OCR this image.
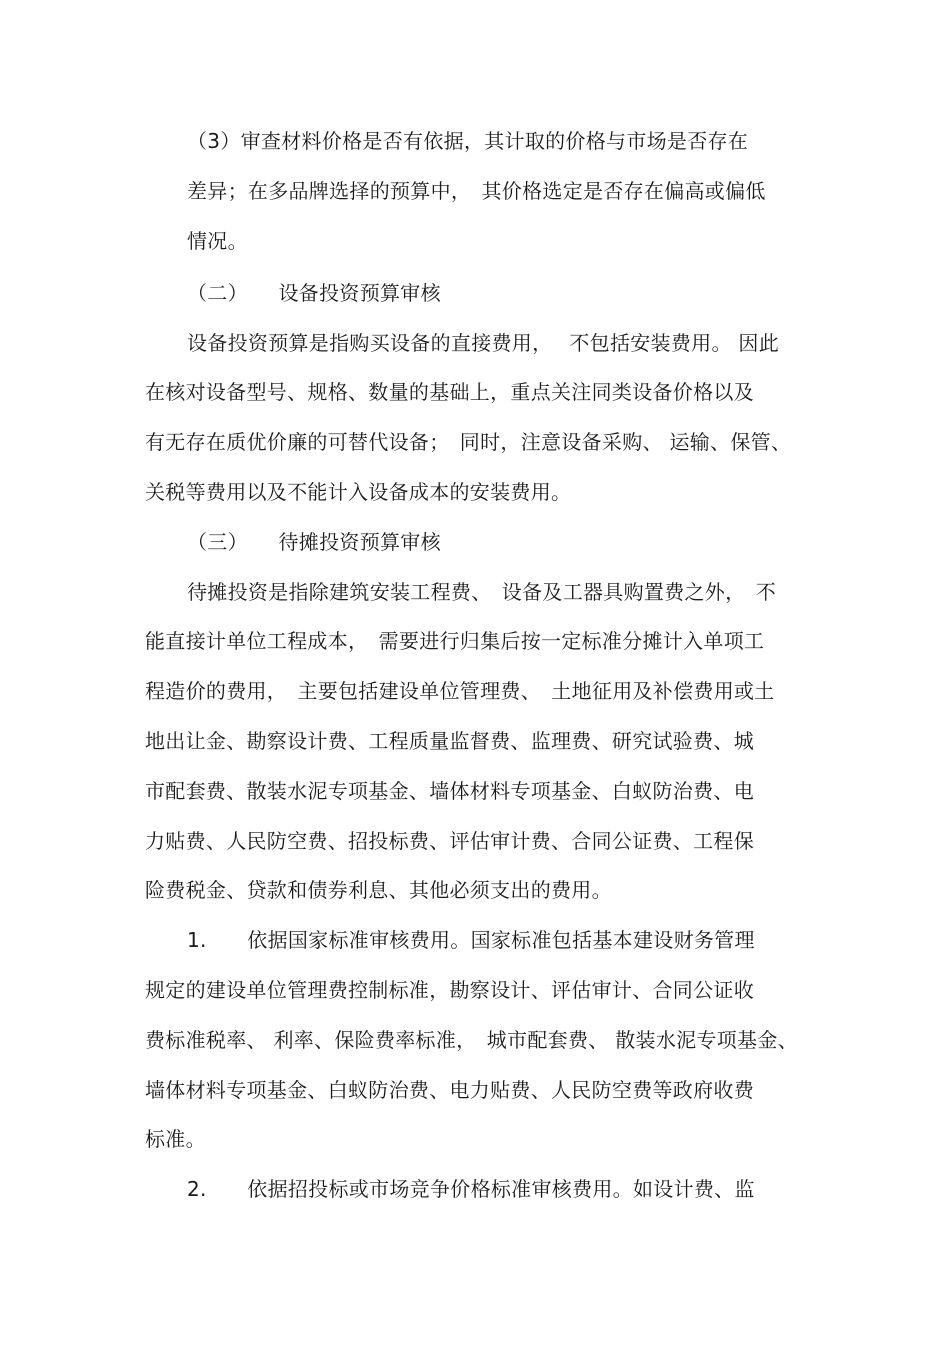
（3）审查材料价格是否有依据，其计取的价格与市场是否存在
差异；在多品牌选择的预算中，　其价格选定是否存在偏高或偏低
情况。
（二）　　设备投资预算审核
设备投资预算是指购买设备的直接费用，　 不包括安装费用。 因此
在核对设备型号、规格、数量的基础上，重点关注同类设备价格以及
有无存在质优价廉的可替代设备；　同时，注意设备采购、 运输、保管、
关税等费用以及不能计入设备成本的安装费用。
（三）　　待摊投资预算审核
待摊投资是指除建筑安装工程费、　设备及工器具购置费之外，　不
能直接计单位工程成本，　需要进行归集后按一定标准分摊计入单项工
程造价的费用，　主要包括建设单位管理费、　土地征用及补偿费用或土
地出让金、勘察设计费、工程质量监督费、监理费、研究试验费、城
市配套费、散装水泥专项基金、墙体材料专项基金、白蚁防治费、电
力贴费、人民防空费、招投标费、评估审计费、合同公证费、工程保
险费税金、贷款和债券利息、其他必须支出的费用。
1.　　依据国家标准审核费用。国家标准包括基本建设财务管理
规定的建设单位管理费控制标准，勘察设计、评估审计、合同公证收
费标准税率、 利率、保险费率标准，　城市配套费、 散装水泥专项基金、
墙体材料专项基金、白蚁防治费、电力贴费、人民防空费等政府收费
标准。
2.　　依据招投标或市场竞争价格标准审核费用。如设计费、监
